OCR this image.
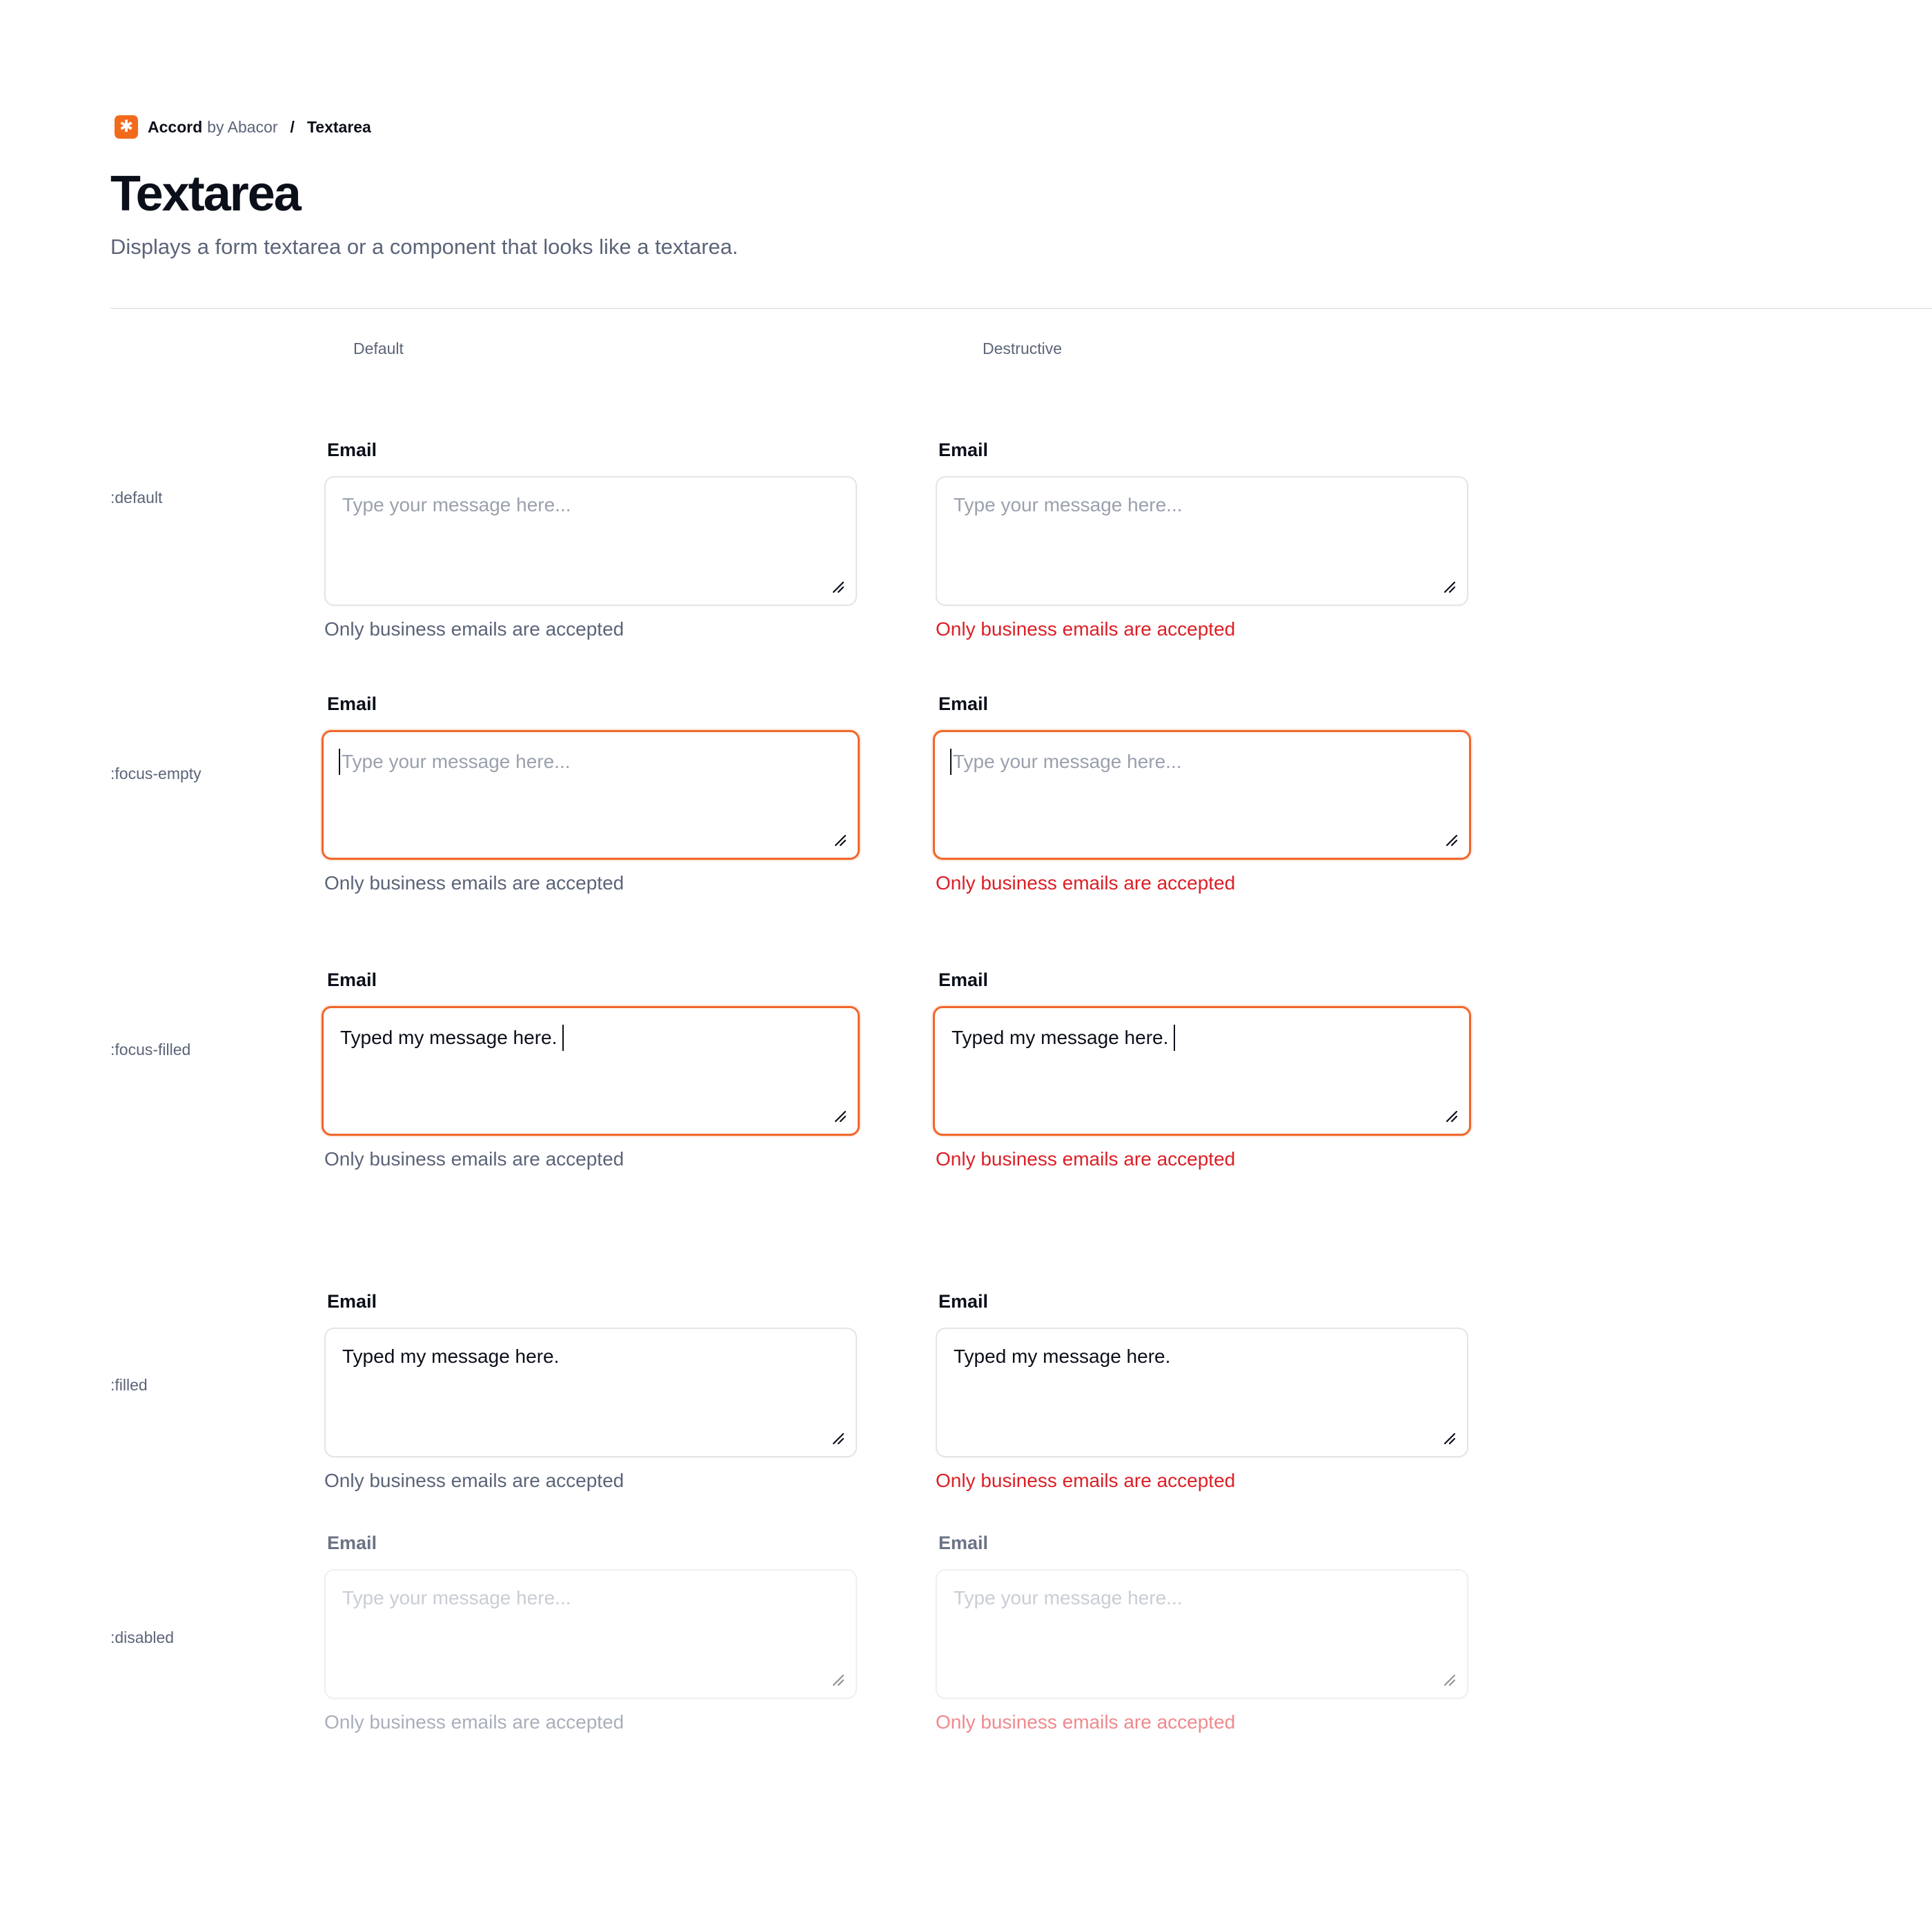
✱ Accord by Abacor / Textarea
Textarea
Displays a form textarea or a component that looks like a textarea.
Default	Destructive
:default
:focus-empty
:focus-filled
:filled
:disabled
Email
Type your message here...
Only business emails are accepted
Email
Type your message here...
Only business emails are accepted
Email
Type your message here...
Only business emails are accepted
Email
Type your message here...
Only business emails are accepted
Email
Typed my message here.
Only business emails are accepted
Email
Typed my message here.
Only business emails are accepted
Email
Typed my message here.
Only business emails are accepted
Email
Typed my message here.
Only business emails are accepted
Email
Type your message here...
Only business emails are accepted
Email
Type your message here...
Only business emails are accepted
